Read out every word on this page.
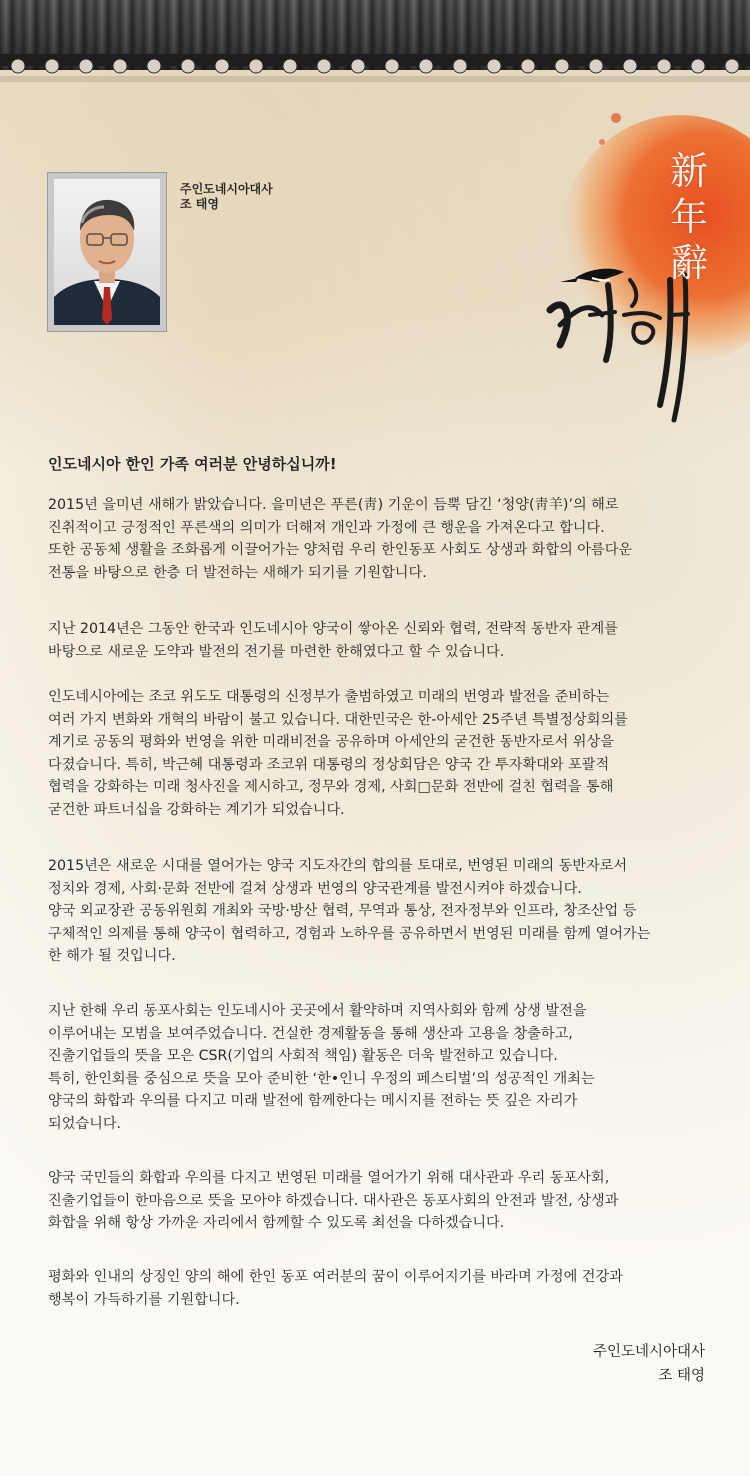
新
年
辭
주인도네시아대사
조 태영
인도네시아 한인 가족 여러분 안녕하십니까!
2015년 을미년 새해가 밝았습니다. 을미년은 푸른(靑) 기운이 듬뿍 담긴 ‘청양(靑羊)’의 해로
진취적이고 긍정적인 푸른색의 의미가 더해져 개인과 가정에 큰 행운을 가져온다고 합니다.
또한 공동체 생활을 조화롭게 이끌어가는 양처럼 우리 한인동포 사회도 상생과 화합의 아름다운
전통을 바탕으로 한층 더 발전하는 새해가 되기를 기원합니다.
지난 2014년은 그동안 한국과 인도네시아 양국이 쌓아온 신뢰와 협력, 전략적 동반자 관계를
바탕으로 새로운 도약과 발전의 전기를 마련한 한해였다고 할 수 있습니다.
인도네시아에는 조코 위도도 대통령의 신정부가 출범하였고 미래의 번영과 발전을 준비하는
여러 가지 변화와 개혁의 바람이 불고 있습니다. 대한민국은 한-아세안 25주년 특별정상회의를
계기로 공동의 평화와 번영을 위한 미래비전을 공유하며 아세안의 굳건한 동반자로서 위상을
다졌습니다. 특히, 박근혜 대통령과 조코위 대통령의 정상회담은 양국 간 투자확대와 포괄적
협력을 강화하는 미래 청사진을 제시하고, 정무와 경제, 사회□문화 전반에 걸친 협력을 통해
굳건한 파트너십을 강화하는 계기가 되었습니다.
2015년은 새로운 시대를 열어가는 양국 지도자간의 합의를 토대로, 번영된 미래의 동반자로서
정치와 경제, 사회·문화 전반에 걸쳐 상생과 번영의 양국관계를 발전시켜야 하겠습니다.
양국 외교장관 공동위원회 개최와 국방·방산 협력, 무역과 통상, 전자정부와 인프라, 창조산업 등
구체적인 의제를 통해 양국이 협력하고, 경험과 노하우를 공유하면서 번영된 미래를 함께 열어가는
한 해가 될 것입니다.
지난 한해 우리 동포사회는 인도네시아 곳곳에서 활약하며 지역사회와 함께 상생 발전을
이루어내는 모범을 보여주었습니다. 건실한 경제활동을 통해 생산과 고용을 창출하고,
진출기업들의 뜻을 모은 CSR(기업의 사회적 책임) 활동은 더욱 발전하고 있습니다.
특히, 한인회를 중심으로 뜻을 모아 준비한 ‘한•인니 우정의 페스티벌’의 성공적인 개최는
양국의 화합과 우의를 다지고 미래 발전에 함께한다는 메시지를 전하는 뜻 깊은 자리가
되었습니다.
양국 국민들의 화합과 우의를 다지고 번영된 미래를 열어가기 위해 대사관과 우리 동포사회,
진출기업들이 한마음으로 뜻을 모아야 하겠습니다. 대사관은 동포사회의 안전과 발전, 상생과
화합을 위해 항상 가까운 자리에서 함께할 수 있도록 최선을 다하겠습니다.
평화와 인내의 상징인 양의 해에 한인 동포 여러분의 꿈이 이루어지기를 바라며 가정에 건강과
행복이 가득하기를 기원합니다.
주인도네시아대사
조 태영
